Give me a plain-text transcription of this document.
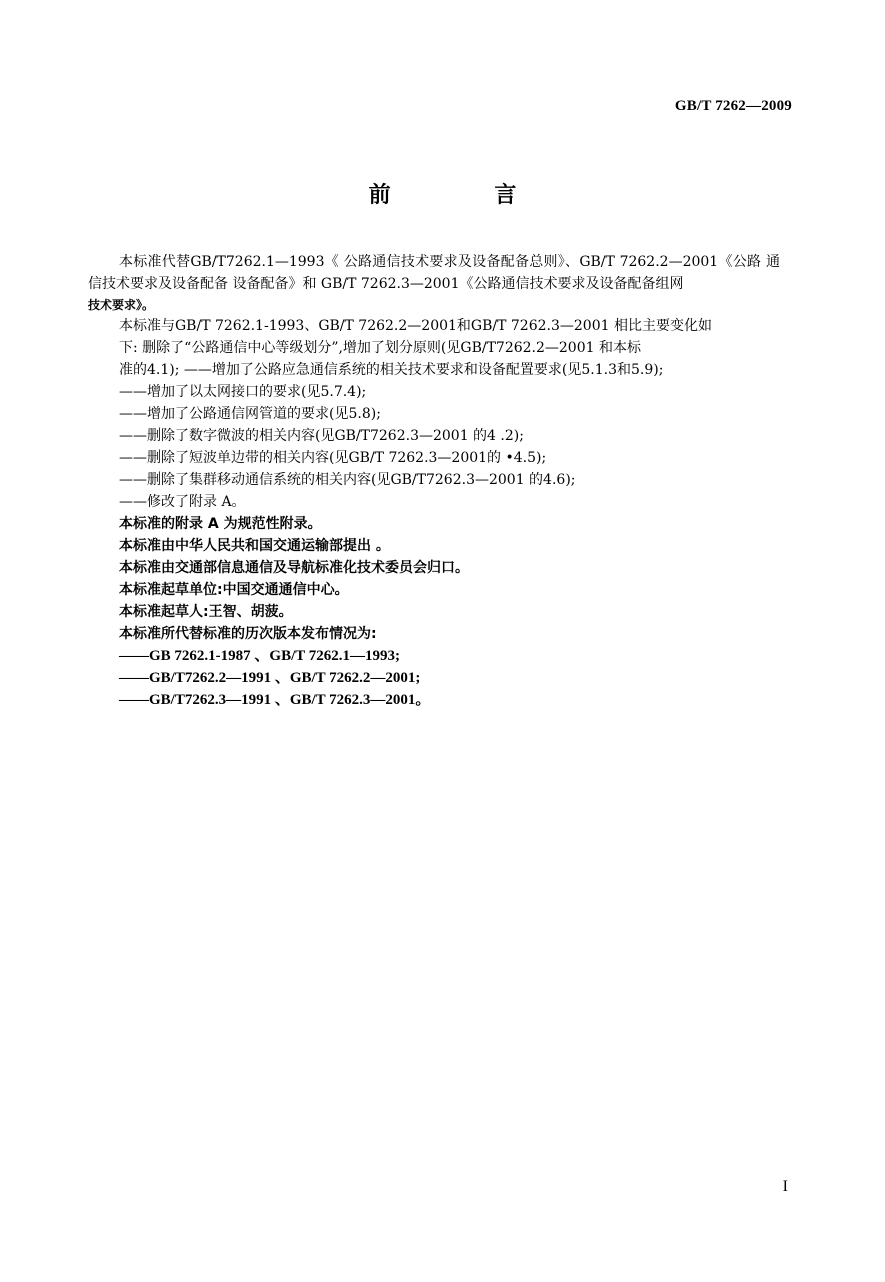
GB/T 7262—2009
前 言
本标准代替GB/T7262.1—1993《 公路通信技术要求及设备配备总则》、GB/T 7262.2—2001《公路 通信技术要求及设备配备 设备配备》和 GB/T 7262.3—2001《公路通信技术要求及设备配备组网
技术要求》。
本标准与GB/T 7262.1-1993、GB/T 7262.2—2001和GB/T 7262.3—2001 相比主要变化如
下: 删除了“公路通信中心等级划分”,增加了划分原则(见GB/T7262.2—2001 和本标
准的4.1); ——增加了公路应急通信系统的相关技术要求和设备配置要求(见5.1.3和5.9);
——增加了以太网接口的要求(见5.7.4);
——增加了公路通信网管道的要求(见5.8);
——删除了数字微波的相关内容(见GB/T7262.3—2001 的4 .2);
——删除了短波单边带的相关内容(见GB/T 7262.3—2001的 •4.5);
——删除了集群移动通信系统的相关内容(见GB/T7262.3—2001 的4.6);
——修改了附录 A。
本标准的附录 A 为规范性附录。
本标准由中华人民共和国交通运输部提出 。
本标准由交通部信息通信及导航标准化技术委员会归口。
本标准起草单位:中国交通通信中心。
本标准起草人:王智、胡菠。
本标准所代替标准的历次版本发布情况为:
——GB 7262.1-1987 、GB/T 7262.1—1993;
——GB/T7262.2—1991 、GB/T 7262.2—2001;
——GB/T7262.3—1991 、GB/T 7262.3—2001。
I
